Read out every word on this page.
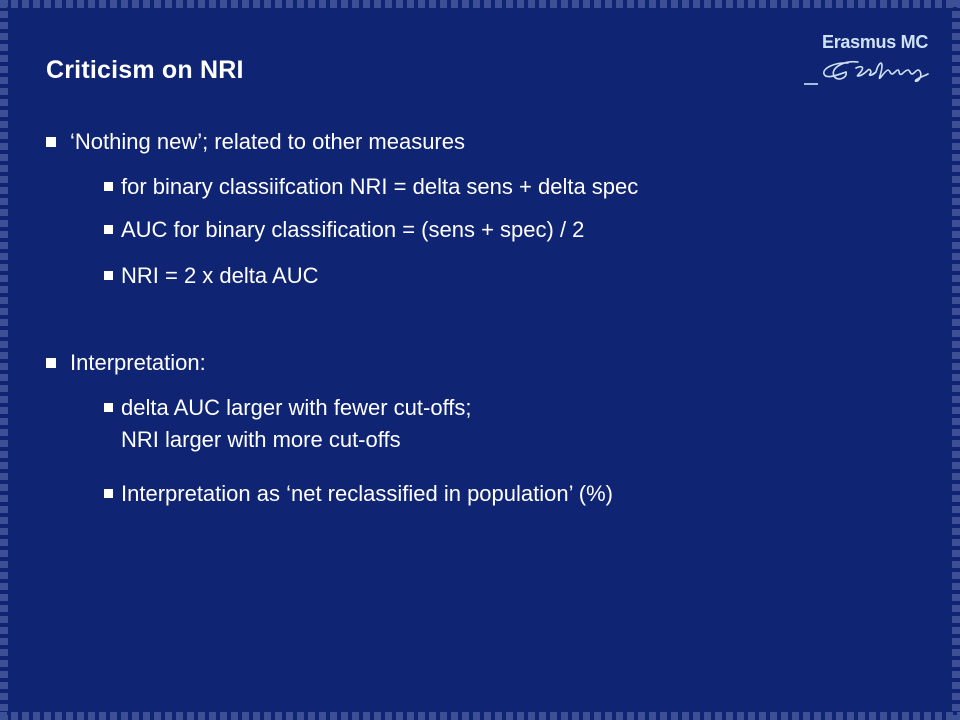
Criticism on NRI
Erasmus MC
‘Nothing new’; related to other measures
for binary classiifcation NRI = delta sens + delta spec
AUC for binary classification = (sens + spec) / 2
NRI = 2 x delta AUC
Interpretation:
delta AUC larger with fewer cut-offs;
NRI larger with more cut-offs
Interpretation as ‘net reclassified in population’ (%)
